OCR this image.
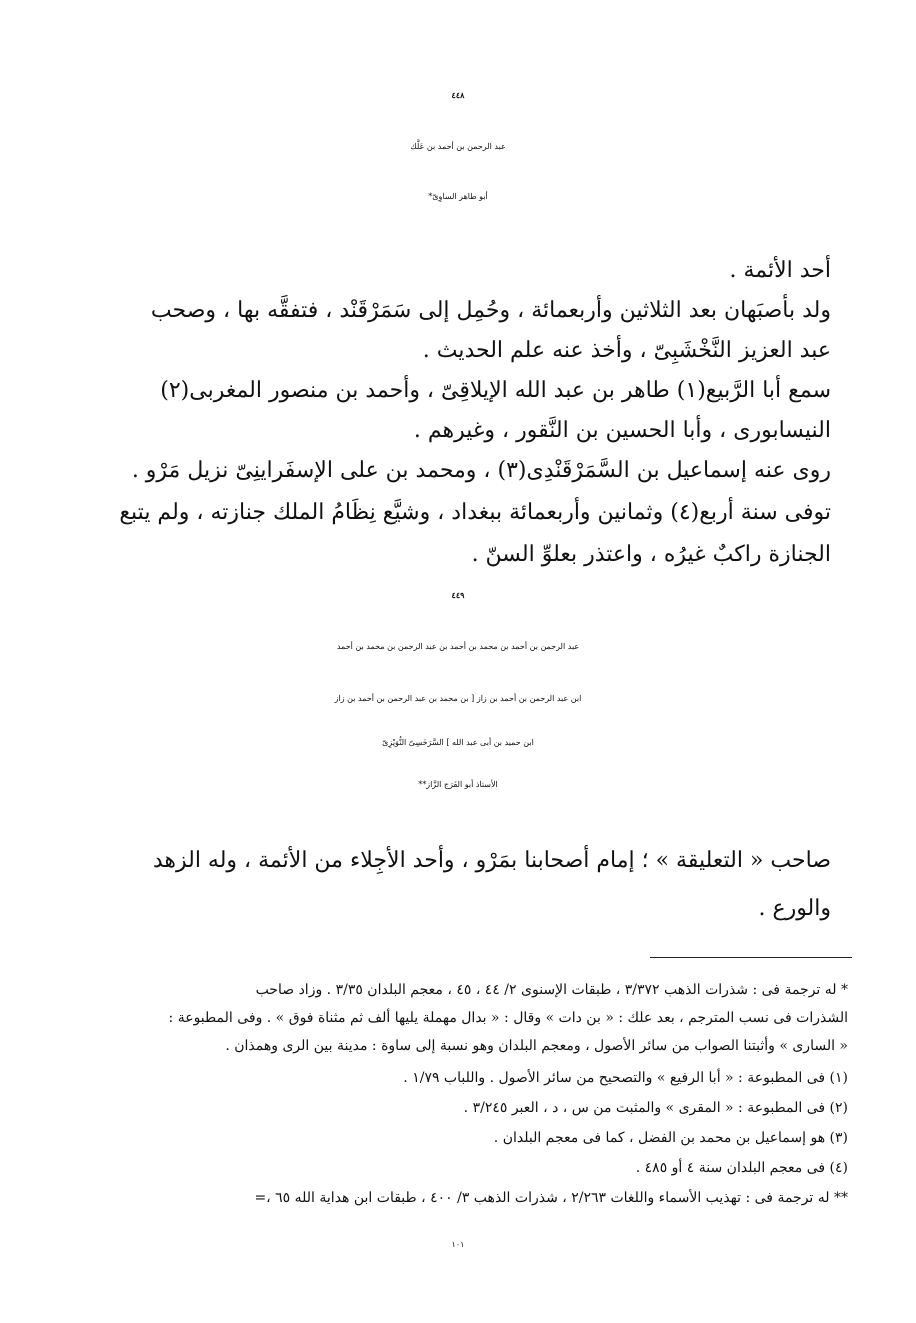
٤٤٨
عبد الرحمن بن أحمد بن عَلَّك
أبو طاهر الساوِىّ*
أحد الأئمة .
ولد بأصبَهان بعد الثلاثين وأربعمائة ، وحُمِل إلى سَمَرْقَنْد ، فتفقَّه بها ، وصحب
عبد العزيز النَّخْشَبِىّ ، وأخذ عنه علم الحديث .
سمع أبا الرَّبيع(١) طاهر بن عبد الله الإيلاقِىّ ، وأحمد بن منصور المغربى(٢)
النيسابورى ، وأبا الحسين بن النَّقور ، وغيرهم .
روى عنه إسماعيل بن السَّمَرْقَنْدِى(٣) ، ومحمد بن على الإسفَراينِىّ نزيل مَرْو .
توفى سنة أربع(٤) وثمانين وأربعمائة ببغداد ، وشيَّع نِظَامُ الملك جنازته ، ولم يتبع
الجنازة راكبٌ غيرُه ، واعتذر بعلوِّ السنّ .
٤٤٩
عبد الرحمن بن أحمد بن محمد بن أحمد بن عبد الرحمن بن محمد بن أحمد
ابن عبد الرحمن بن أحمد بن زاز [ بن محمد بن عبد الرحمن بن أحمد بن زاز
ابن حميد بن أبى عبد الله ] السَّرَخَسِىّ النُّوَيْزِىّ
الأستاذ أبو الفَرَج الزَّاز**
صاحب « التعليقة » ؛ إمام أصحابنا بمَرْو ، وأحد الأجِلاء من الأئمة ، وله الزهد
والورع .
* له ترجمة فى : شذرات الذهب ٣/٣٧٢ ، طبقات الإسنوى ٢/ ٤٤ ، ٤٥ ، معجم البلدان ٣/٣٥ . وزاد صاحب
الشذرات فى نسب المترجم ، بعد علك : « بن دات » وقال : « بدال مهملة يليها ألف ثم مثناة فوق » . وفى المطبوعة :
« السارى » وأثبتنا الصواب من سائر الأصول ، ومعجم البلدان وهو نسبة إلى ساوة : مدينة بين الرى وهمذان .
(١) فى المطبوعة : « أبا الرفيع » والتصحيح من سائر الأصول . واللباب ١/٧٩ .
(٢) فى المطبوعة : « المقرى » والمثبت من س ، د ، العبر ٣/٢٤٥ .
(٣) هو إسماعيل بن محمد بن الفضل ، كما فى معجم البلدان .
(٤) فى معجم البلدان سنة ٤ أو ٤٨٥ .
** له ترجمة فى : تهذيب الأسماء واللغات ٢/٢٦٣ ، شذرات الذهب ٣/ ٤٠٠ ، طبقات ابن هداية الله ٦٥ ،=
١٠١
